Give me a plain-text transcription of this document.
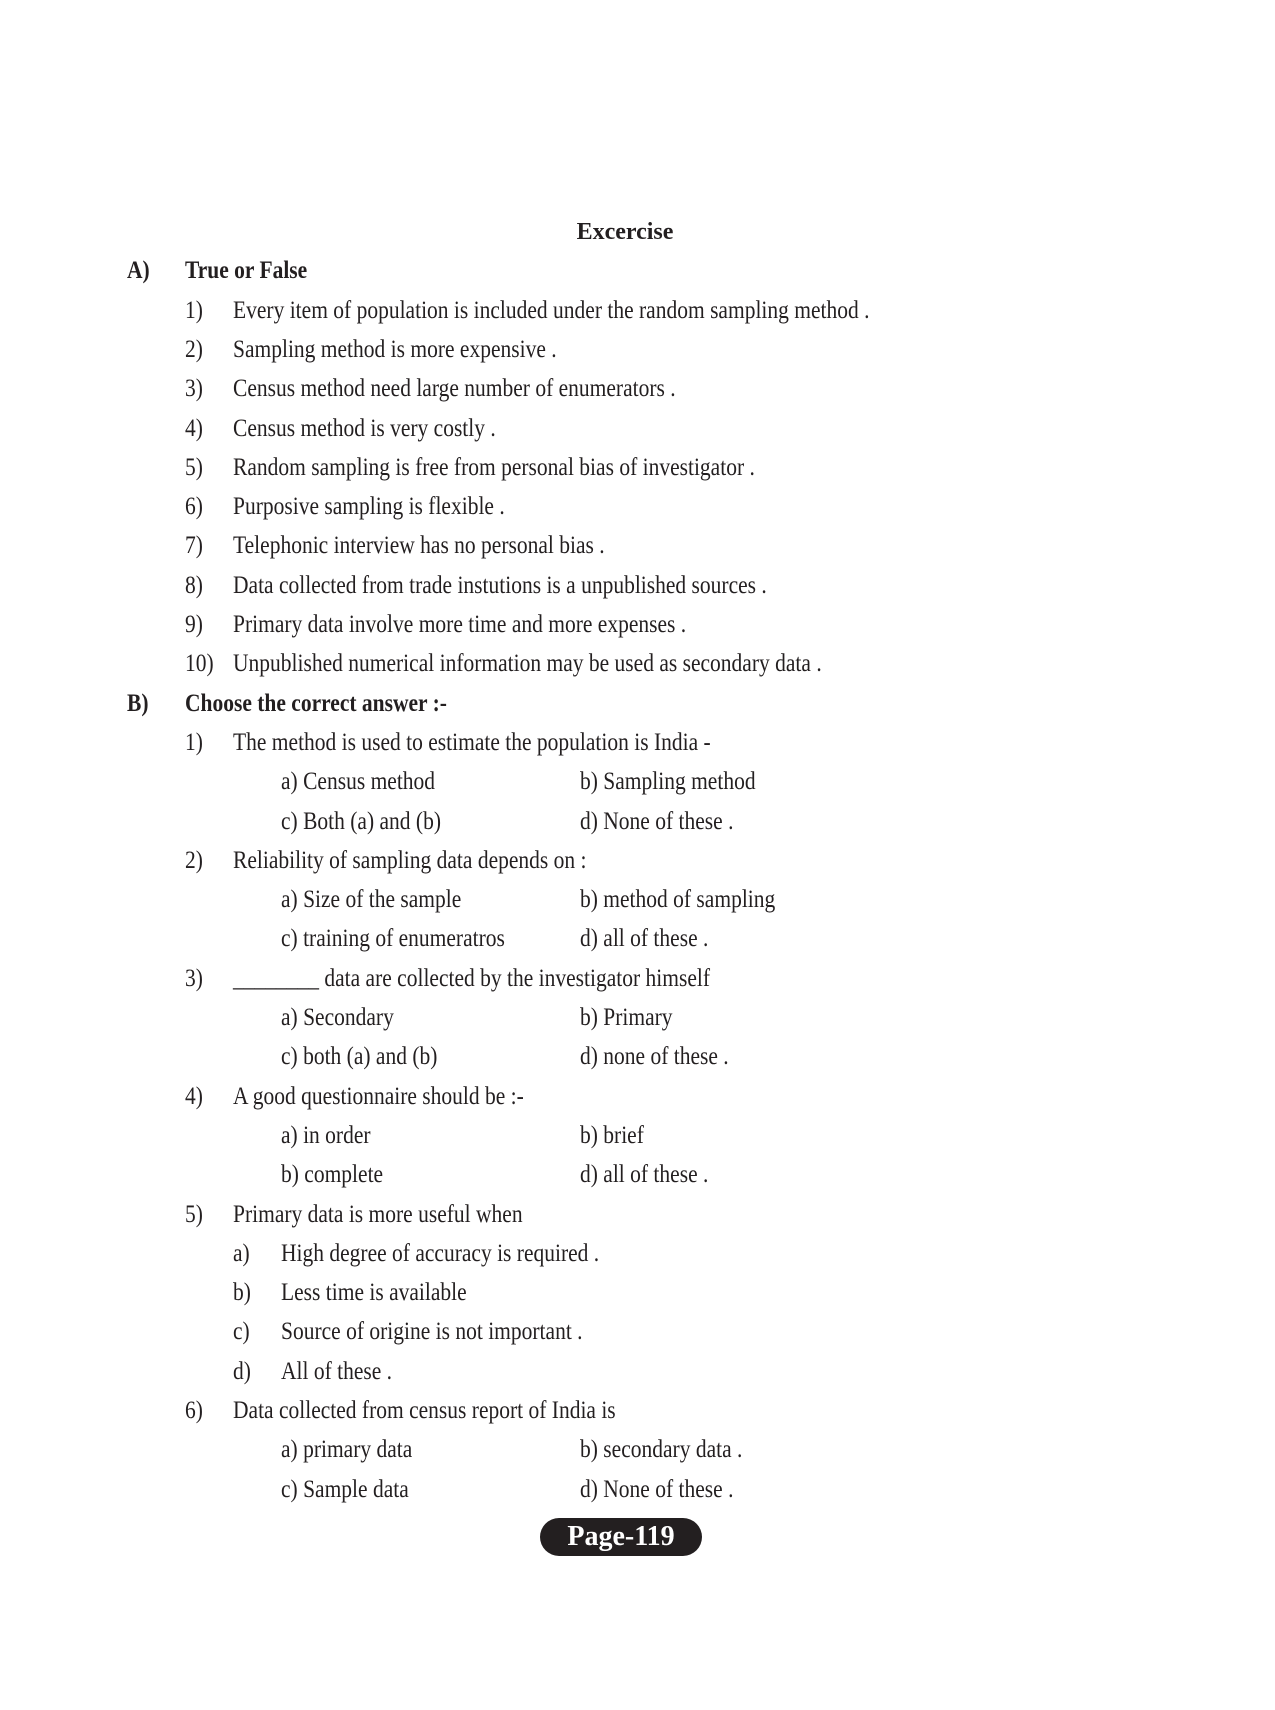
Excercise
A) True or False
1) Every item of population is included under the random sampling method .
2) Sampling method is more expensive .
3) Census method need large number of enumerators .
4) Census method is very costly .
5) Random sampling is free from personal bias of investigator .
6) Purposive sampling is flexible .
7) Telephonic interview has no personal bias .
8) Data collected from trade instutions is a unpublished sources .
9) Primary data involve more time and more expenses .
10) Unpublished numerical information may be used as secondary data .
B) Choose the correct answer :-
1) The method is used to estimate the population is India -
a) Census method	b) Sampling method
c) Both (a) and (b)	d) None of these .
2) Reliability of sampling data depends on :
a) Size of the sample	b) method of sampling
c) training of enumeratros	d) all of these .
3) ________ data are collected by the investigator himself
a) Secondary	b) Primary
c) both (a) and (b)	d) none of these .
4) A good questionnaire should be :-
a) in order	b) brief
b) complete	d) all of these .
5) Primary data is more useful when
a) High degree of accuracy is required .
b) Less time is available
c) Source of origine is not important .
d) All of these .
6) Data collected from census report of India is
a) primary data	b) secondary data .
c) Sample data	d) None of these .
Page-119
